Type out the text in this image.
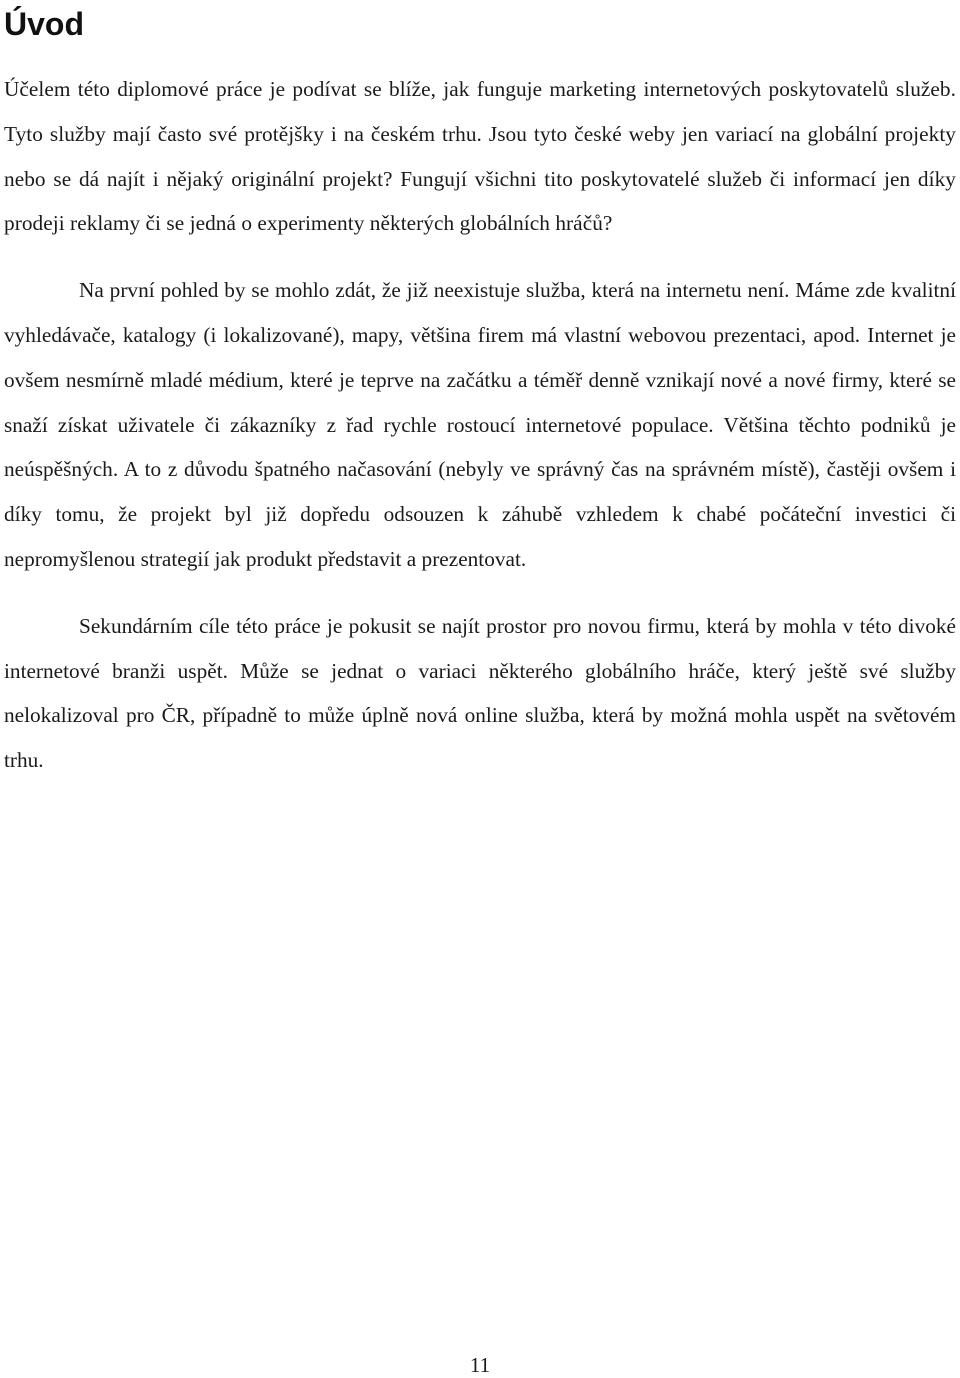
Úvod

Účelem této diplomové práce je podívat se blíže, jak funguje marketing internetových poskytovatelů služeb. Tyto služby mají často své protějšky i na českém trhu. Jsou tyto české weby jen variací na globální projekty nebo se dá najít i nějaký originální projekt? Fungují všichni tito poskytovatelé služeb či informací jen díky prodeji reklamy či se jedná o experimenty některých globálních hráčů?

Na první pohled by se mohlo zdát, že již neexistuje služba, která na internetu není. Máme zde kvalitní vyhledávače, katalogy (i lokalizované), mapy, většina firem má vlastní webovou prezentaci, apod. Internet je ovšem nesmírně mladé médium, které je teprve na začátku a téměř denně vznikají nové a nové firmy, které se snaží získat uživatele či zákazníky z řad rychle rostoucí internetové populace. Většina těchto podniků je neúspěšných. A to z důvodu špatného načasování (nebyly ve správný čas na správném místě), častěji ovšem i díky tomu, že projekt byl již dopředu odsouzen k záhubě vzhledem k chabé počáteční investici či nepromyšlenou strategií jak produkt představit a prezentovat.

Sekundárním cíle této práce je pokusit se najít prostor pro novou firmu, která by mohla v této divoké internetové branži uspět. Může se jednat o variaci některého globálního hráče, který ještě své služby nelokalizoval pro ČR, případně to může úplně nová online služba, která by možná mohla uspět na světovém trhu.

11
